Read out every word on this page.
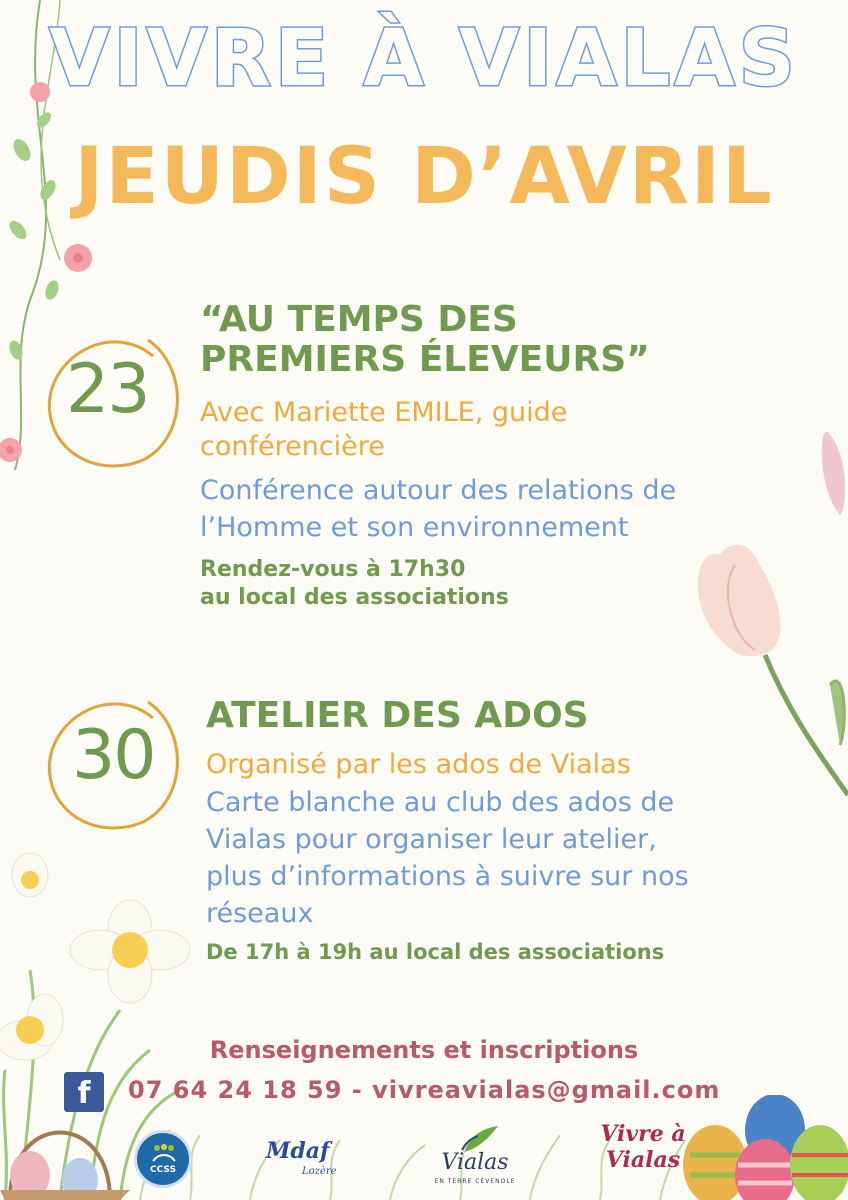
VIVRE À VIALAS
JEUDIS D’AVRIL
23
“AU TEMPS DES
PREMIERS ÉLEVEURS”
Avec Mariette EMILE, guide
conférencière
Conférence autour des relations de
l’Homme et son environnement
Rendez-vous à 17h30
au local des associations
30
ATELIER DES ADOS
Organisé par les ados de Vialas
Carte blanche au club des ados de
Vialas pour organiser leur atelier,
plus d’informations à suivre sur nos
réseaux
De 17h à 19h au local des associations
Renseignements et inscriptions
f	07 64 24 18 59 - vivreavialas@gmail.com
CCSS
Mdaf
Lozère	Vialas
EN TERRE CÉVENOLE
Vivre à
Vialas
